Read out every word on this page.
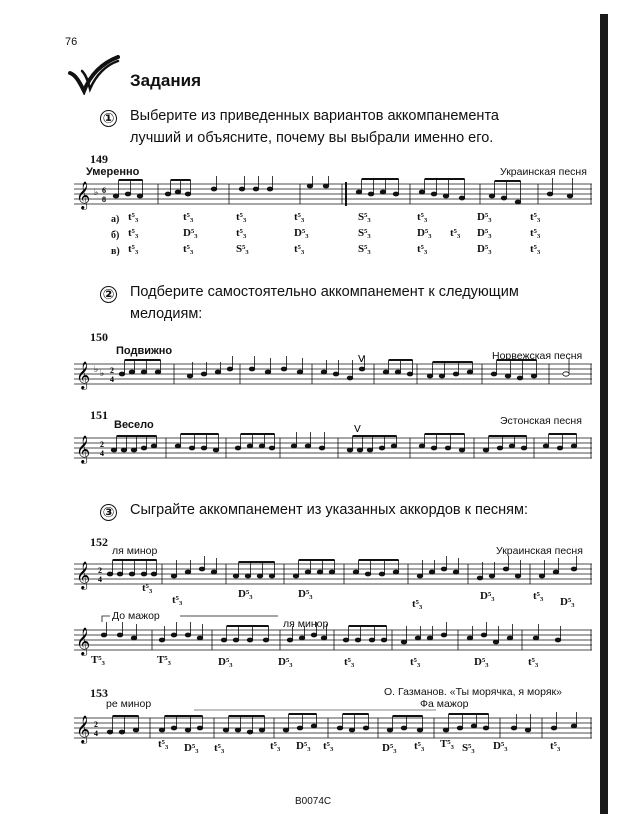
76
Задания
① Выберите из приведенных вариантов аккомпанемента
лучший и объясните, почему вы выбрали именно его.
149
Умеренно	Украинская песня
𝄞 ♭ 6
8
а)
б)
в)
t⁵₃	t⁵₃	t⁵₃	t⁵₃	S⁵₃	t⁵₃	D⁵₃	t⁵₃
t⁵₃	D⁵₃	t⁵₃	D⁵₃	S⁵₃	D⁵₃ t⁵₃ D⁵₃	t⁵₃
t⁵₃	t⁵₃	S⁵₃	t⁵₃	S⁵₃	t⁵₃	D⁵₃	t⁵₃
② Подберите самостоятельно аккомпанемент к следующим
мелодиям:
150
Подвижно	Норвежская песня
𝄞 ♭ ♭ 2
4
V
151
Весело	Эстонская песня
𝄞 2
4
V
③ Сыграйте аккомпанемент из указанных аккордов к песням:
152
ля минор	Украинская песня
𝄞 2
4
t⁵₃
t⁵₃	D⁵₃	D⁵₃
t⁵₃
D⁵₃	t⁵₃ D⁵₃
До мажор
ля минор
𝄞
T⁵₃	T⁵₃	D⁵₃	D⁵₃	t⁵₃	t⁵₃	D⁵₃	t⁵₃
153
ре минор
О. Газманов. «Ты морячка, я моряк»
Фа мажор
𝄞 2
4
t⁵₃ D⁵₃ t⁵₃	t⁵₃ D⁵₃ t⁵₃	D⁵₃ t⁵₃ T⁵₃ S⁵₃ D⁵₃	t⁵₃
В0074С
